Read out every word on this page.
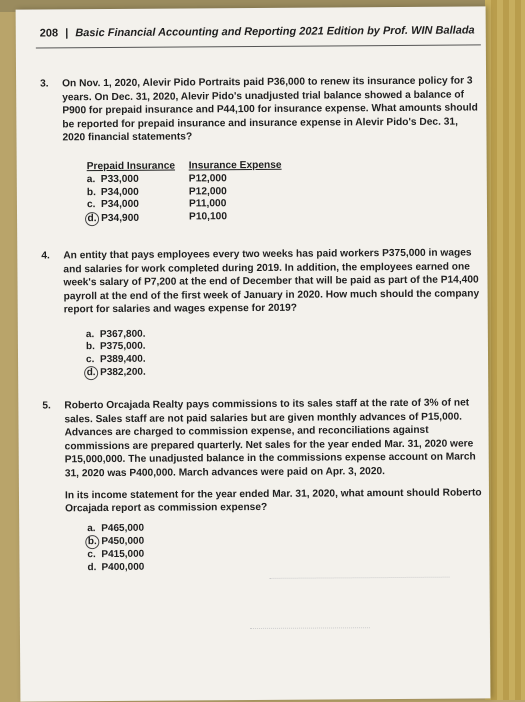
208 | Basic Financial Accounting and Reporting 2021 Edition by Prof. WIN Ballada
3. On Nov. 1, 2020, Alevir Pido Portraits paid P36,000 to renew its insurance policy for 3 years. On Dec. 31, 2020, Alevir Pido's unadjusted trial balance showed a balance of P900 for prepaid insurance and P44,100 for insurance expense. What amounts should be reported for prepaid insurance and insurance expense in Alevir Pido's Dec. 31, 2020 financial statements?
Prepaid Insurance
a. P33,000
b. P34,000
c. P34,000
d. P34,900
Insurance Expense
P12,000
P12,000
P11,000
P10,100
4. An entity that pays employees every two weeks has paid workers P375,000 in wages and salaries for work completed during 2019. In addition, the employees earned one week's salary of P7,200 at the end of December that will be paid as part of the P14,400 payroll at the end of the first week of January in 2020. How much should the company report for salaries and wages expense for 2019?
a. P367,800.
b. P375,000.
c. P389,400.
d. P382,200.
5. Roberto Orcajada Realty pays commissions to its sales staff at the rate of 3% of net sales. Sales staff are not paid salaries but are given monthly advances of P15,000. Advances are charged to commission expense, and reconciliations against commissions are prepared quarterly. Net sales for the year ended Mar. 31, 2020 were P15,000,000. The unadjusted balance in the commissions expense account on March 31, 2020 was P400,000. March advances were paid on Apr. 3, 2020.
In its income statement for the year ended Mar. 31, 2020, what amount should Roberto Orcajada report as commission expense?
a. P465,000
b. P450,000
c. P415,000
d. P400,000
